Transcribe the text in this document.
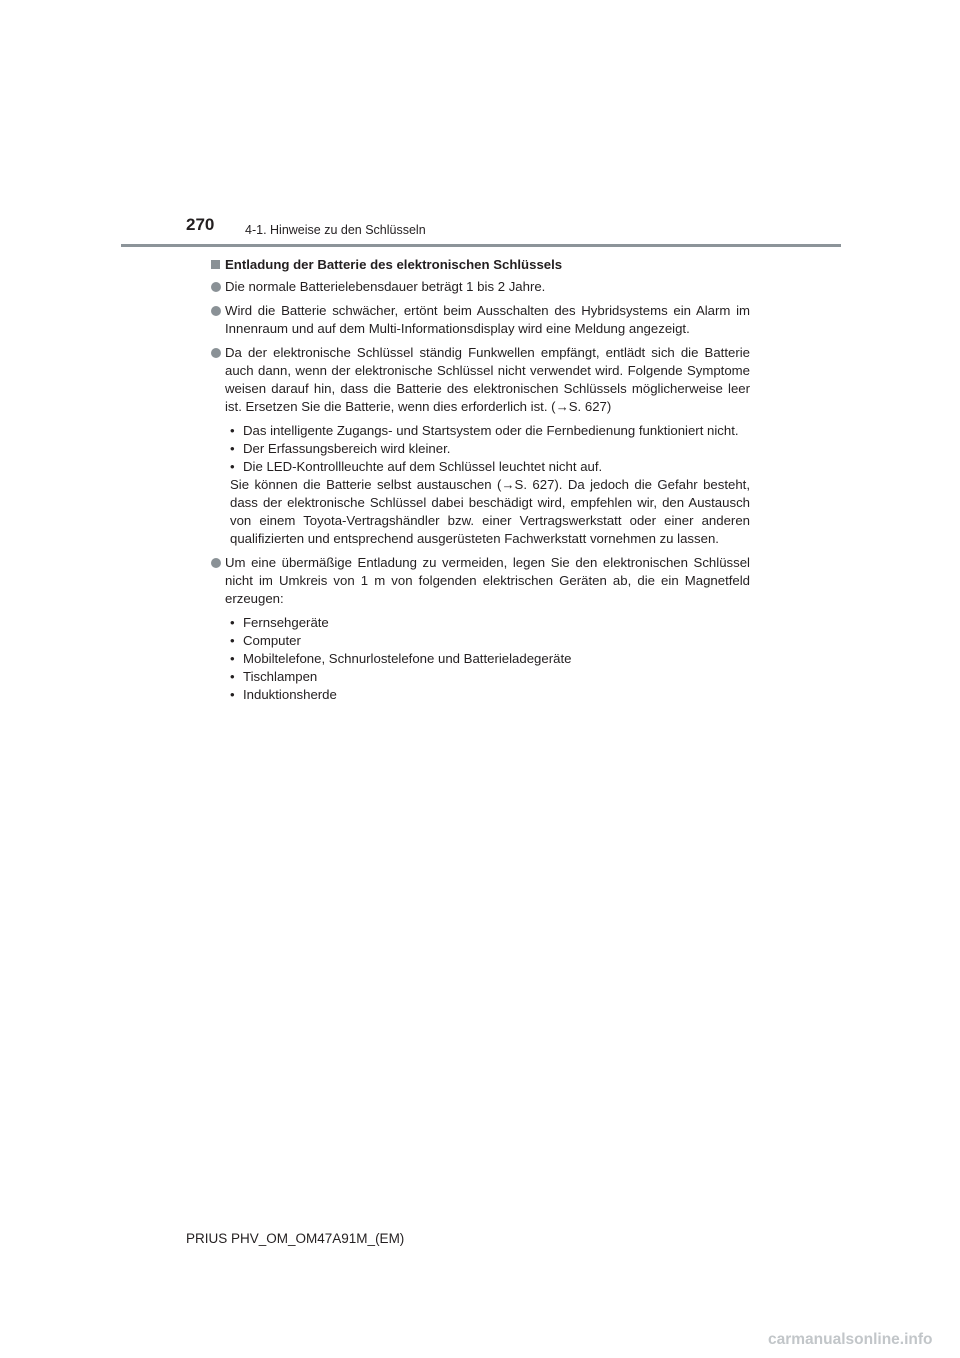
270 4-1. Hinweise zu den Schlüsseln
Entladung der Batterie des elektronischen Schlüssels
Die normale Batterielebensdauer beträgt 1 bis 2 Jahre.
Wird die Batterie schwächer, ertönt beim Ausschalten des Hybridsystems ein Alarm im Innenraum und auf dem Multi-Informationsdisplay wird eine Meldung angezeigt.
Da der elektronische Schlüssel ständig Funkwellen empfängt, entlädt sich die Batterie auch dann, wenn der elektronische Schlüssel nicht verwendet wird. Folgende Symptome weisen darauf hin, dass die Batterie des elektronischen Schlüssels möglicherweise leer ist. Ersetzen Sie die Batterie, wenn dies erforderlich ist. (→S. 627)
• Das intelligente Zugangs- und Startsystem oder die Fernbedienung funktioniert nicht.
• Der Erfassungsbereich wird kleiner.
• Die LED-Kontrollleuchte auf dem Schlüssel leuchtet nicht auf.
Sie können die Batterie selbst austauschen (→S. 627). Da jedoch die Gefahr besteht, dass der elektronische Schlüssel dabei beschädigt wird, empfehlen wir, den Austausch von einem Toyota-Vertragshändler bzw. einer Vertragswerkstatt oder einer anderen qualifizierten und entsprechend ausgerüsteten Fachwerkstatt vornehmen zu lassen.
Um eine übermäßige Entladung zu vermeiden, legen Sie den elektronischen Schlüssel nicht im Umkreis von 1 m von folgenden elektrischen Geräten ab, die ein Magnetfeld erzeugen:
• Fernsehgeräte
• Computer
• Mobiltelefone, Schnurlostelefone und Batterieladegeräte
• Tischlampen
• Induktionsherde
PRIUS PHV_OM_OM47A91M_(EM)
carmanualsonline.info
